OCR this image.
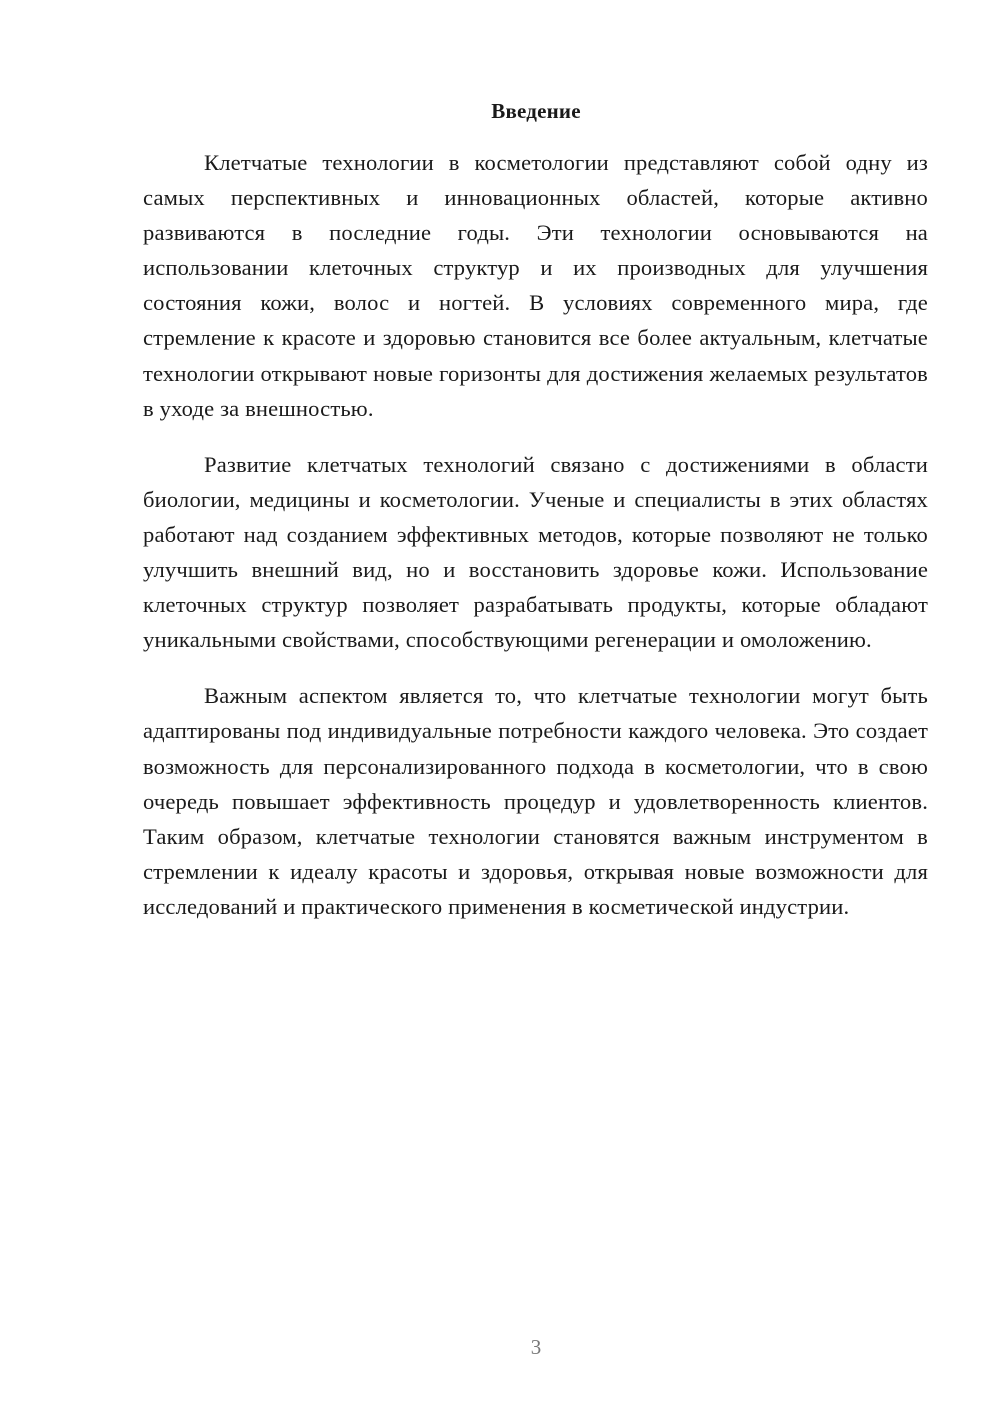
Введение

Клетчатые технологии в косметологии представляют собой одну из самых перспективных и инновационных областей, которые активно развиваются в последние годы. Эти технологии основываются на использовании клеточных структур и их производных для улучшения состояния кожи, волос и ногтей. В условиях современного мира, где стремление к красоте и здоровью становится все более актуальным, клетчатые технологии открывают новые горизонты для достижения желаемых результатов в уходе за внешностью.

Развитие клетчатых технологий связано с достижениями в области биологии, медицины и косметологии. Ученые и специалисты в этих областях работают над созданием эффективных методов, которые позволяют не только улучшить внешний вид, но и восстановить здоровье кожи. Использование клеточных структур позволяет разрабатывать продукты, которые обладают уникальными свойствами, способствующими регенерации и омоложению.

Важным аспектом является то, что клетчатые технологии могут быть адаптированы под индивидуальные потребности каждого человека. Это создает возможность для персонализированного подхода в косметологии, что в свою очередь повышает эффективность процедур и удовлетворенность клиентов. Таким образом, клетчатые технологии становятся важным инструментом в стремлении к идеалу красоты и здоровья, открывая новые возможности для исследований и практического применения в косметической индустрии.

3
